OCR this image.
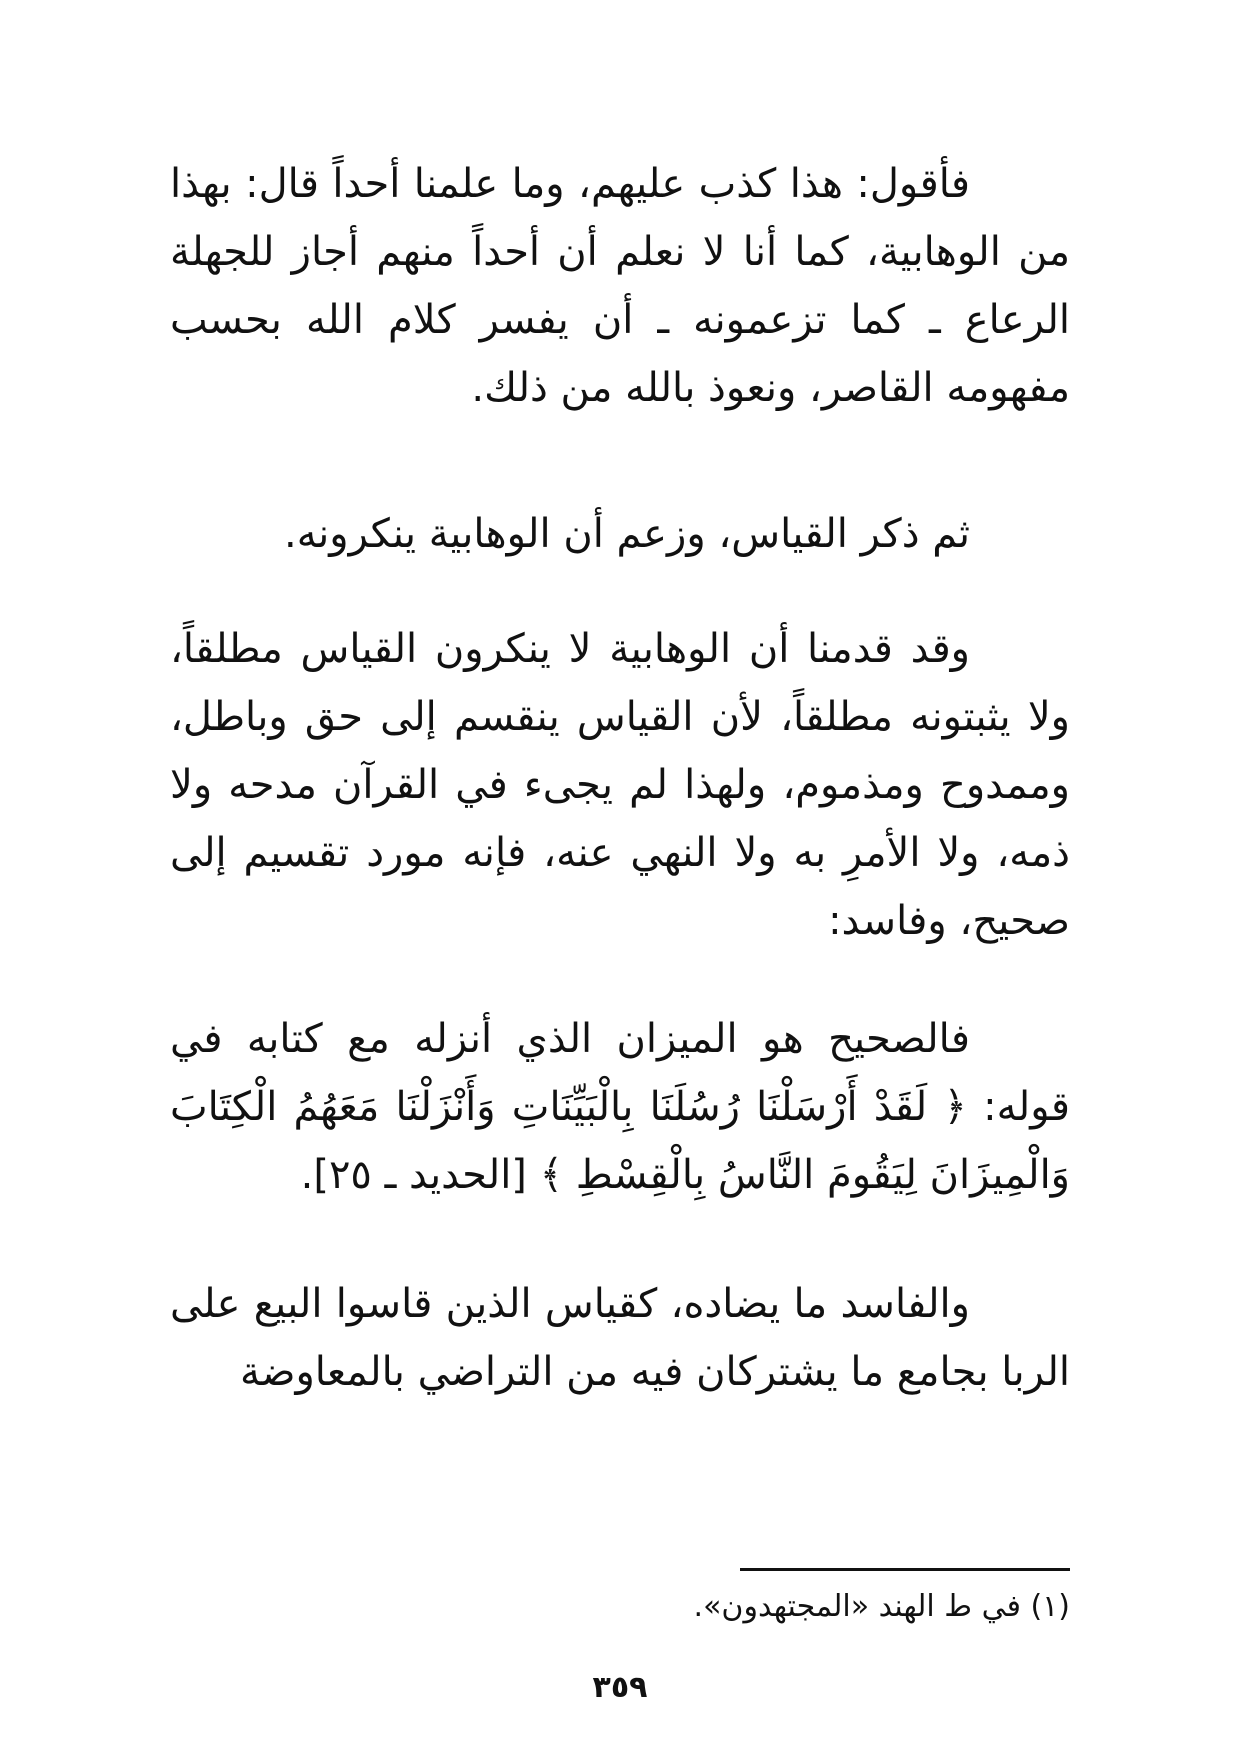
فأقول: هذا كذب عليهم، وما علمنا أحداً قال: بهذا من الوهابية، كما أنا لا نعلم أن أحداً منهم أجاز للجهلة الرعاع ـ كما تزعمونه ـ أن يفسر كلام الله بحسب مفهومه القاصر، ونعوذ بالله من ذلك.

ثم ذكر القياس، وزعم أن الوهابية ينكرونه.

وقد قدمنا أن الوهابية لا ينكرون القياس مطلقاً، ولا يثبتونه مطلقاً، لأن القياس ينقسم إلى حق وباطل، وممدوح ومذموم، ولهذا لم يجىء في القرآن مدحه ولا ذمه، ولا الأمرِ به ولا النهي عنه، فإنه مورد تقسيم إلى صحيح، وفاسد:

فالصحيح هو الميزان الذي أنزله مع كتابه في قوله: ﴿ لَقَدْ أَرْسَلْنَا رُسُلَنَا بِالْبَيِّنَاتِ وَأَنْزَلْنَا مَعَهُمُ الْكِتَابَ وَالْمِيزَانَ لِيَقُومَ النَّاسُ بِالْقِسْطِ ﴾ [الحديد ـ ٢٥].

والفاسد ما يضاده، كقياس الذين قاسوا البيع على الربا بجامع ما يشتركان فيه من التراضي بالمعاوضة

(١) في ط الهند «المجتهدون».

٣٥٩
